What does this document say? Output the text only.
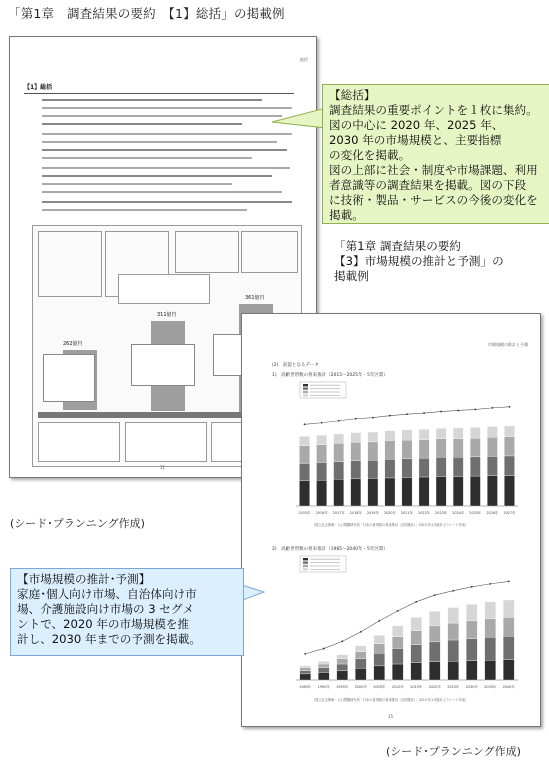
「第1章　調査結果の要約　【1】総括」の掲載例
総括
【1】総括
262億円
311億円
361億円
11
【総括】
調査結果の重要ポイントを１枚に集約。
図の中心に 2020 年、2025 年、
2030 年の市場規模と、主要指標
の変化を掲載。
図の上部に社会・制度や市場課題、利用
者意識等の調査結果を掲載。図の下段
に技術・製品・サービスの今後の変化を
掲載。
「第1章 調査結果の要約
【3】市場規模の推計と予測」の
掲載例
(シード･プランニング作成)
市場規模の推計と予測
(2)　前提となるデータ
1)　高齢世帯数の将来推計（2015～2025年・5年区間）
2015年 2016年 2017年 2018年 2019年 2020年 2021年 2022年 2023年 2024年 2025年 2026年 2027年
（国立社会保障・人口問題研究所「日本の世帯数の将来推計（全国推計）」2013 年1月推計よりシード作成）
2)　高齢世帯数の将来推計（1985～2040年・5年区間）
1985年 1990年 1995年 2000年 2005年 2010年 2015年 2020年 2025年 2030年 2035年 2040年
（国立社会保障・人口問題研究所「日本の世帯数の将来推計（全国推計）」2013 年1月推計よりシード作成）
15
【市場規模の推計･予測】
家庭･個人向け市場、自治体向け市
場、介護施設向け市場の 3 セグメ
ントで、2020 年の市場規模を推
計し、2030 年までの予測を掲載。
(シード･プランニング作成)
